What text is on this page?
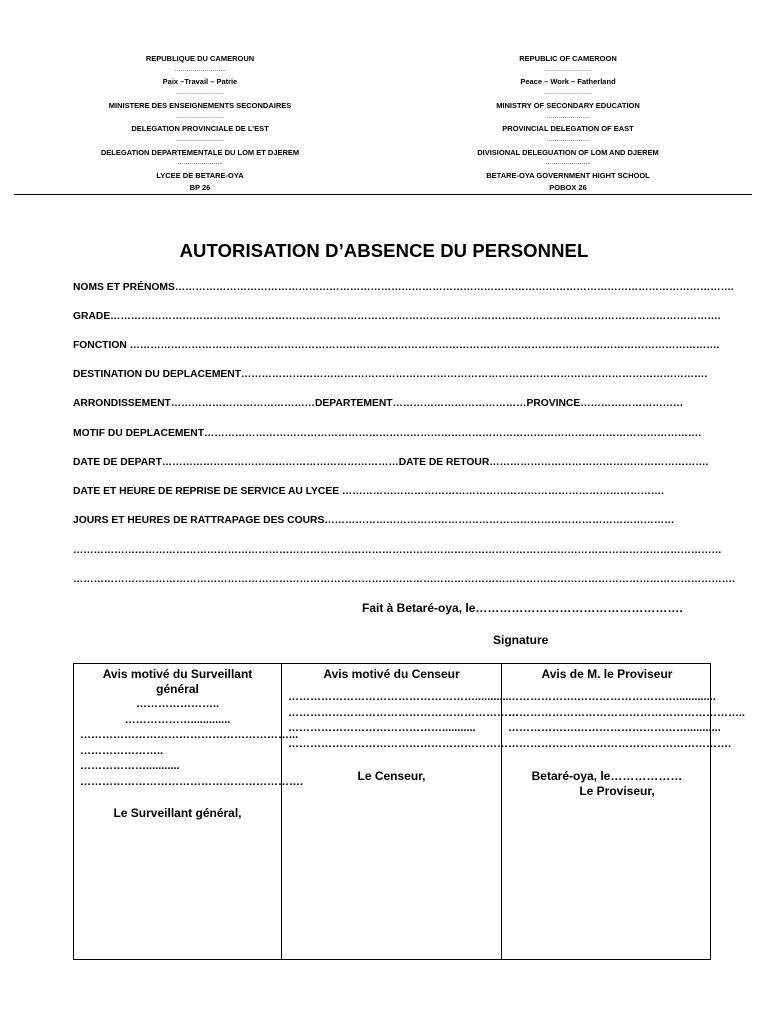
REPUBLIQUE DU CAMEROUN
……………………..
Paix –Travail – Patrie
……………………
MINISTERE DES ENSEIGNEMENTS SECONDAIRES
……………………
DELEGATION PROVINCIALE DE L’EST
……………………
DELEGATION DEPARTEMENTALE DU LOM ET DJEREM
…………………..
LYCEE DE BETARE-OYA
BP 26
REPUBLIC OF CAMEROON
……………………
Peace – Work – Fatherland
……………………
MINISTRY OF SECONDARY EDUCATION
………………….
PROVINCIAL DELEGATION OF EAST
………………….
DIVISIONAL DELEGUATION OF LOM AND DJEREM
…………………..
BETARE-OYA GOVERNMENT HIGHT SCHOOL
POBOX 26
AUTORISATION D’ABSENCE DU PERSONNEL
NOMS ET PRÉNOMS……………………………………………………………………………………………………………………………………………….
GRADE…………………………………………………………………………………………………………………………………………………………….
FONCTION ……………………………………………………………………………………………………………………………………………………….
DESTINATION DU DEPLACEMENT……………………………………………………………………………………………………………………….
ARRONDISSEMENT……………………………………DEPARTEMENT…………………………………PROVINCE…………………………
MOTIF DU DEPLACEMENT……………………………………………………………………………………………………………………………….
DATE DE DEPART……………………………………………………………DATE DE RETOUR……………………………………………………….
DATE ET HEURE DE REPRISE DE SERVICE AU LYCEE ………………………………………………………………………………….
JOURS ET HEURES DE RATTRAPAGE DES COURS…………………………………………………………………………………………
………………………………………………………………………………………………………………………………………………………………………
………………………………………………………………………………………………………………………………………………………………………….
Fait à Betaré-oya, le…………………………………………….
Signature
Avis motivé du Surveillant
général
…………………..
……………….............
…………………………………………………...
…………………..
………………...........
…………………………………………………….
Le Surveillant général,
Avis motivé du Censeur
……………………………………………...........
………………………………………………………
……………………………………...........
……………………………………………………
Le Censeur,
Avis de M. le Proviseur
……………….……………………….............
………………………………………………………..
……………….…………………………...........
…………………………………………………….
Betaré-oya, le………………
Le Proviseur,
